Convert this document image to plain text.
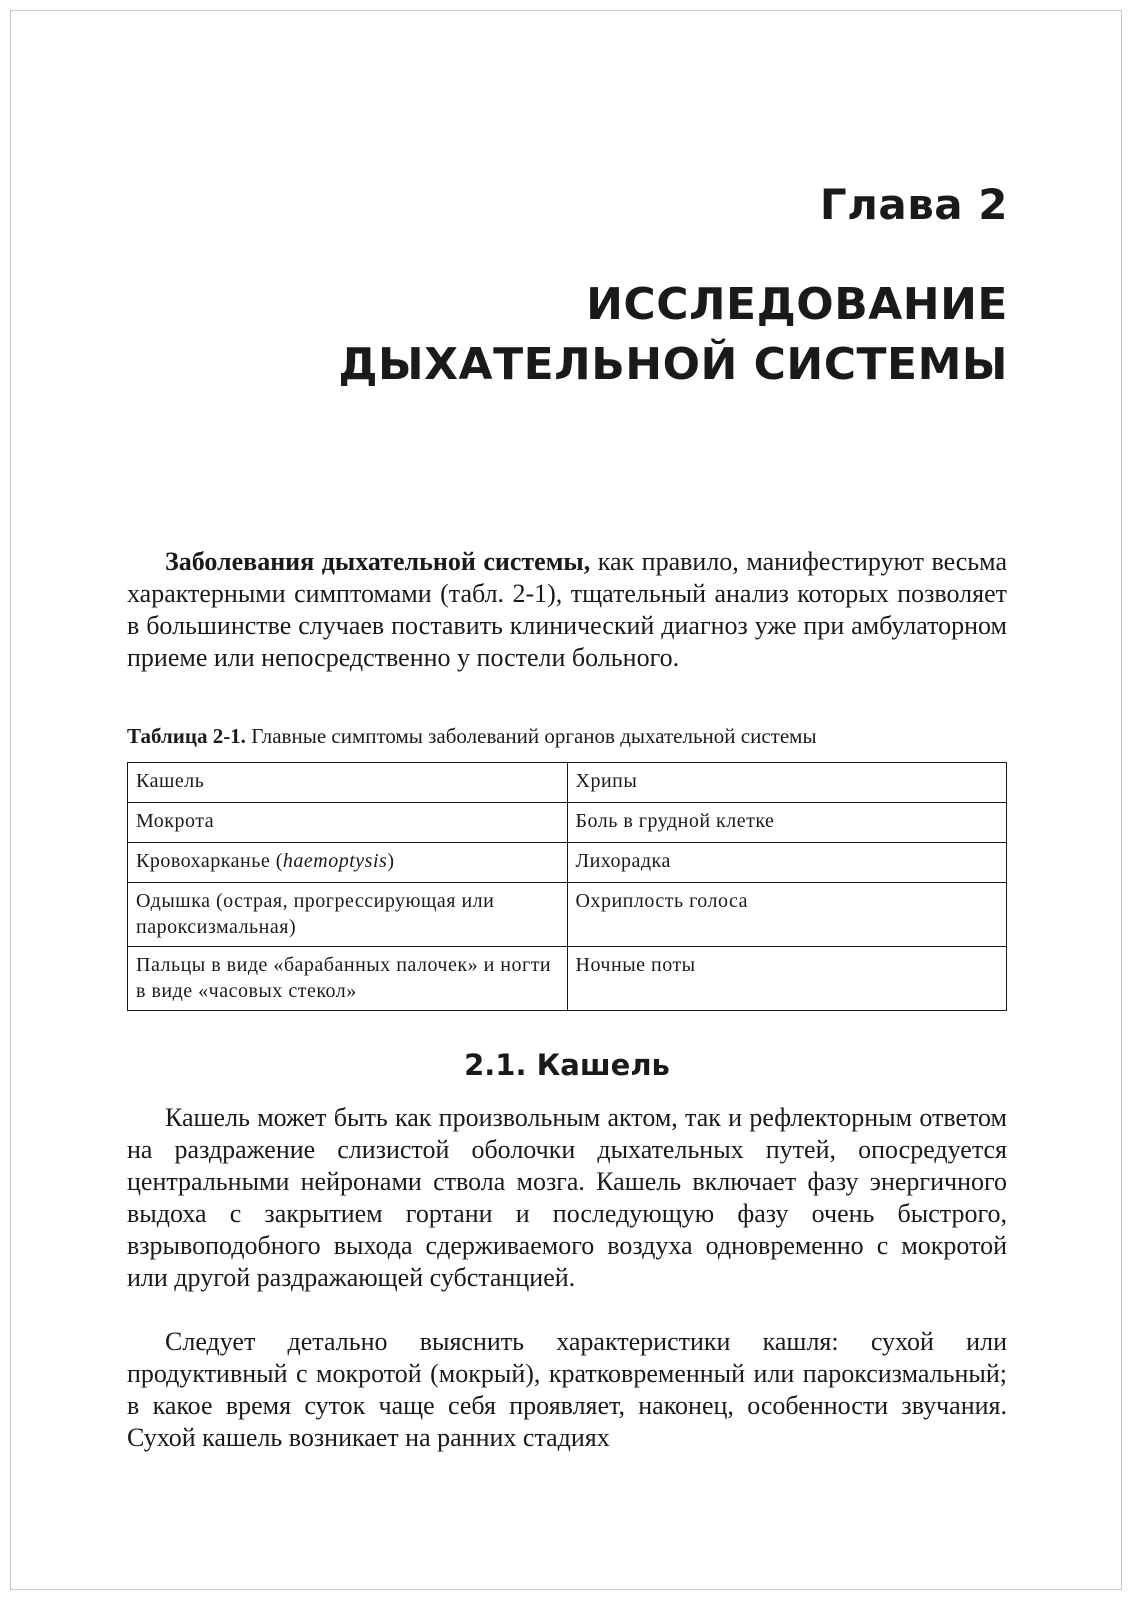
Глава 2
ИССЛЕДОВАНИЕ
ДЫХАТЕЛЬНОЙ СИСТЕМЫ

Заболевания дыхательной системы, как правило, манифестируют весьма характерными симптомами (табл. 2-1), тщательный анализ которых позволяет в большинстве случаев поставить клинический диагноз уже при амбулаторном приеме или непосредственно у постели больного.

Таблица 2-1. Главные симптомы заболеваний органов дыхательной системы

Кашель	Хрипы
Мокрота	Боль в грудной клетке
Кровохарканье (haemoptysis)	Лихорадка
Одышка (острая, прогрессирующая или пароксизмальная)	Охриплость голоса
Пальцы в виде «барабанных палочек» и ногти в виде «часовых стекол»	Ночные поты
2.1. Кашель

Кашель может быть как произвольным актом, так и рефлекторным ответом на раздражение слизистой оболочки дыхательных путей, опосредуется центральными нейронами ствола мозга. Кашель включает фазу энергичного выдоха с закрытием гортани и последующую фазу очень быстрого, взрывоподобного выхода сдерживаемого воздуха одновременно с мокротой или другой раздражающей субстанцией.

Следует детально выяснить характеристики кашля: сухой или продуктивный с мокротой (мокрый), кратковременный или пароксизмальный; в какое время суток чаще себя проявляет, наконец, особенности звучания. Сухой кашель возникает на ранних стадиях
